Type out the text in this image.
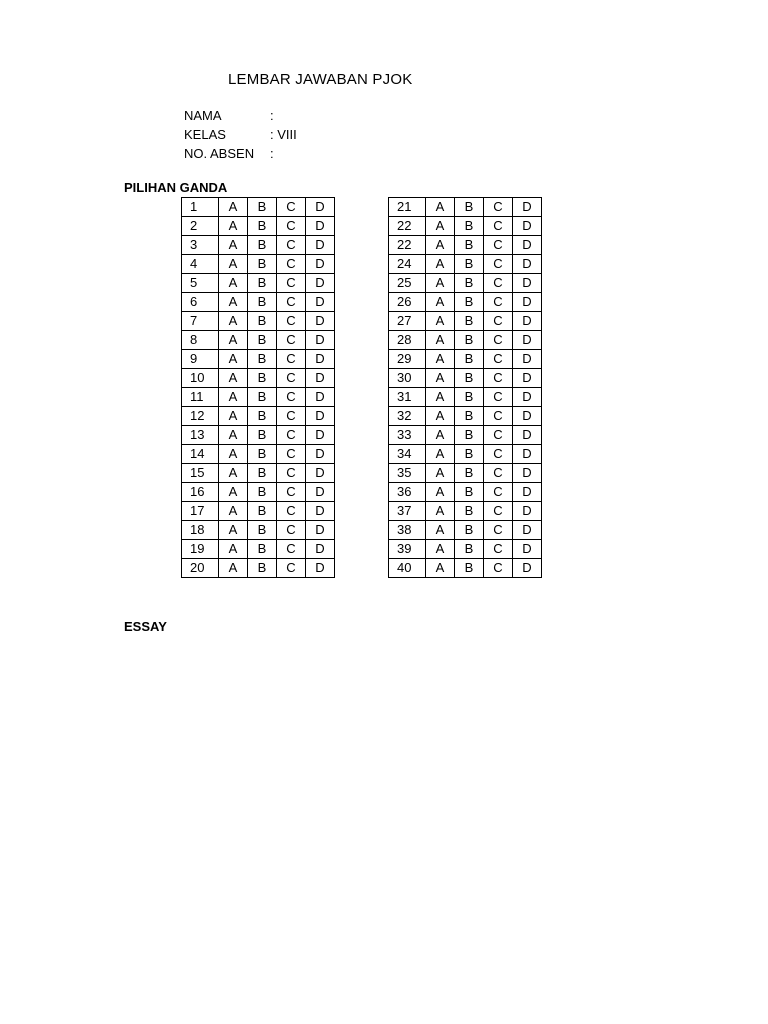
LEMBAR JAWABAN PJOK
NAMA	:
KELAS	: VIII
NO. ABSEN :
PILIHAN GANDA
1	A	B	C	D
2	A	B	C	D
3	A	B	C	D
4	A	B	C	D
5	A	B	C	D
6	A	B	C	D
7	A	B	C	D
8	A	B	C	D
9	A	B	C	D
10	A	B	C	D
11	A	B	C	D
12	A	B	C	D
13	A	B	C	D
14	A	B	C	D
15	A	B	C	D
16	A	B	C	D
17	A	B	C	D
18	A	B	C	D
19	A	B	C	D
20	A	B	C	D
21	A	B	C	D
22	A	B	C	D
22	A	B	C	D
24	A	B	C	D
25	A	B	C	D
26	A	B	C	D
27	A	B	C	D
28	A	B	C	D
29	A	B	C	D
30	A	B	C	D
31	A	B	C	D
32	A	B	C	D
33	A	B	C	D
34	A	B	C	D
35	A	B	C	D
36	A	B	C	D
37	A	B	C	D
38	A	B	C	D
39	A	B	C	D
40	A	B	C	D
ESSAY
